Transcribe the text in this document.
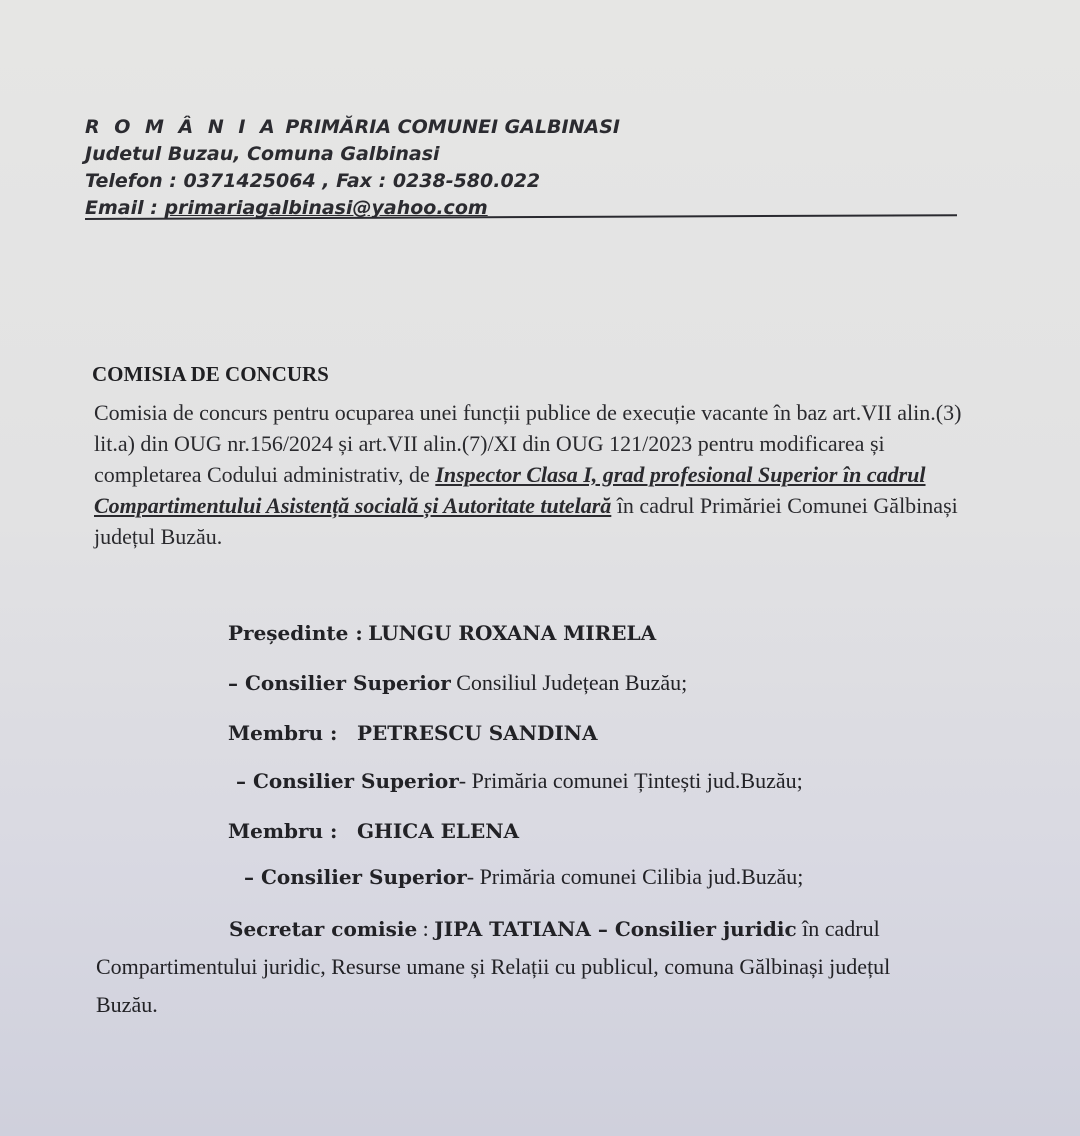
R O M Â N I A PRIMĂRIA COMUNEI GALBINASI
Judetul Buzau, Comuna Galbinasi
Telefon : 0371425064 , Fax : 0238-580.022
Email : primariagalbinasi@yahoo.com
COMISIA DE CONCURS
Comisia de concurs pentru ocuparea unei funcții publice de execuție vacante în baz art.VII alin.(3) lit.a) din OUG nr.156/2024 și art.VII alin.(7)/XI din OUG 121/2023 pentru modificarea și completarea Codului administrativ, de Inspector Clasa I, grad profesional Superior în cadrul Compartimentului Asistență socială și Autoritate tutelară în cadrul Primăriei Comunei Gălbinași județul Buzău.
Președinte : LUNGU ROXANA MIRELA
– Consilier Superior Consiliul Județean Buzău;
Membru : PETRESCU SANDINA
– Consilier Superior- Primăria comunei Țintești jud.Buzău;
Membru : GHICA ELENA
– Consilier Superior- Primăria comunei Cilibia jud.Buzău;
Secretar comisie : JIPA TATIANA – Consilier juridic în cadrul Compartimentului juridic, Resurse umane și Relații cu publicul, comuna Gălbinași județul Buzău.
